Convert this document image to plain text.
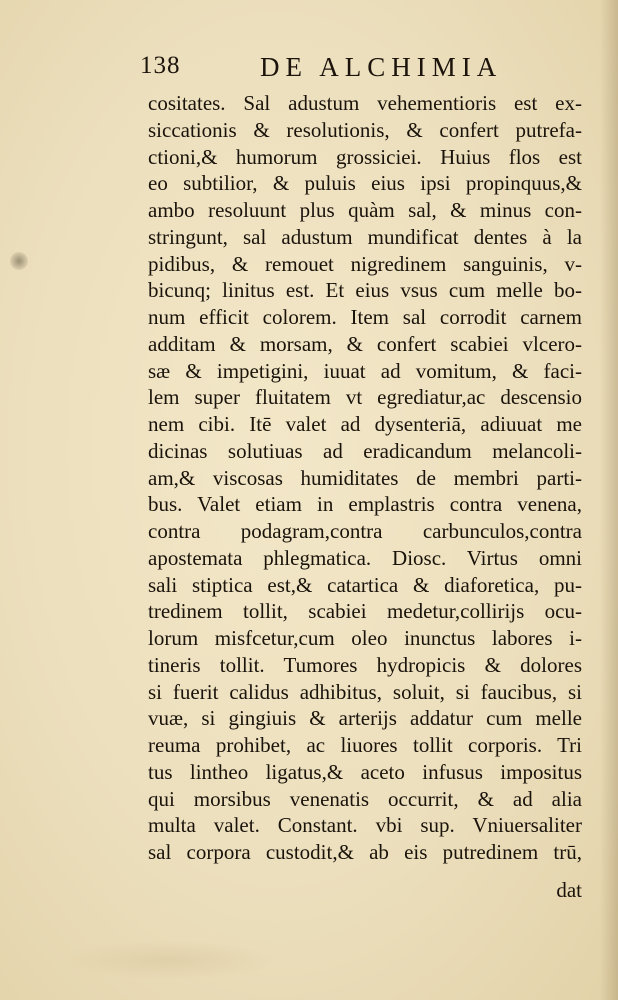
138	DE ALCHIMIA
cositates. Sal adustum vehementioris est ex-
siccationis & resolutionis, & confert putrefa-
ctioni,& humorum grossiciei. Huius flos est
eo subtilior, & puluis eius ipsi propinquus,&
ambo resoluunt plus quàm sal, & minus con-
stringunt, sal adustum mundificat dentes à la
pidibus, & remouet nigredinem sanguinis, v-
bicunq; linitus est. Et eius vsus cum melle bo-
num efficit colorem. Item sal corrodit carnem
additam & morsam, & confert scabiei vlcero-
sæ & impetigini, iuuat ad vomitum, & faci-
lem super fluitatem vt egrediatur,ac descensio
nem cibi. Itē valet ad dysenteriā, adiuuat me
dicinas solutiuas ad eradicandum melancoli-
am,& viscosas humiditates de membri parti-
bus. Valet etiam in emplastris contra venena,
contra podagram,contra carbunculos,contra
apostemata phlegmatica. Diosc. Virtus omni
sali stiptica est,& catartica & diaforetica, pu-
tredinem tollit, scabiei medetur,collirijs ocu-
lorum misfcetur,cum oleo inunctus labores i-
tineris tollit. Tumores hydropicis & dolores
si fuerit calidus adhibitus, soluit, si faucibus, si
vuæ, si gingiuis & arterijs addatur cum melle
reuma prohibet, ac liuores tollit corporis. Tri
tus lintheo ligatus,& aceto infusus impositus
qui morsibus venenatis occurrit, & ad alia
multa valet. Constant. vbi sup. Vniuersaliter
sal corpora custodit,& ab eis putredinem trū,
dat
